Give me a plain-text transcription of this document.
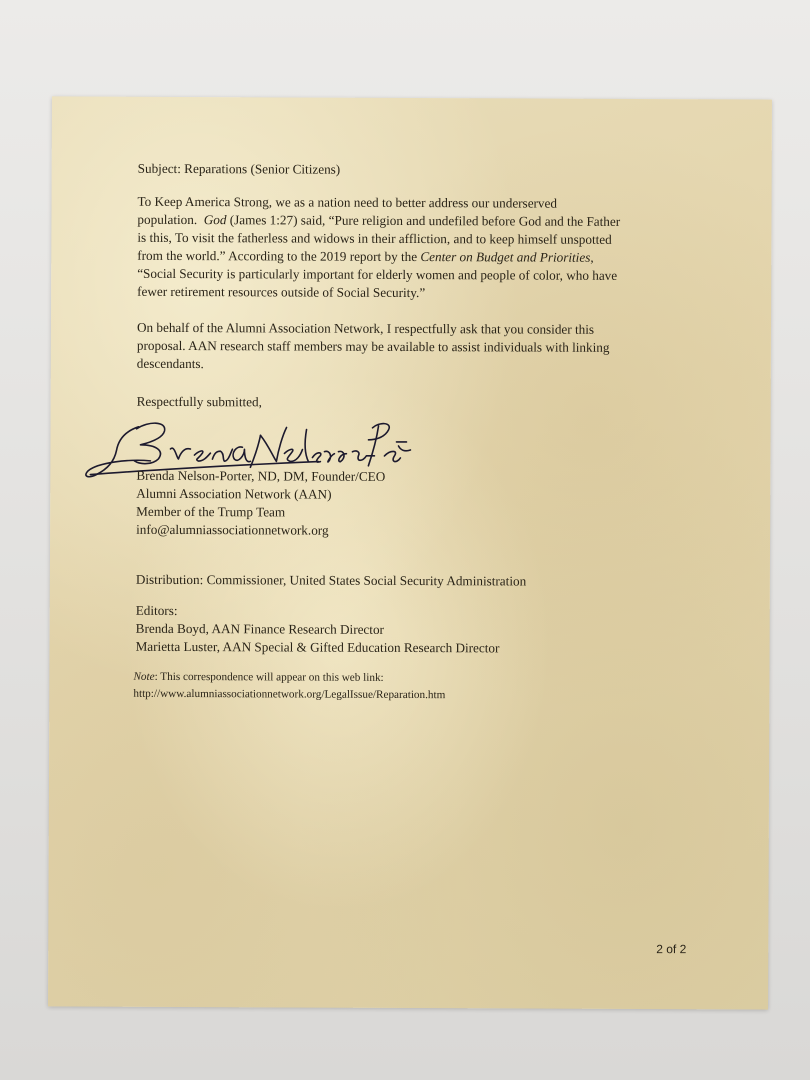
Subject: Reparations (Senior Citizens)

To Keep America Strong, we as a nation need to better address our underserved
population. God (James 1:27) said, “Pure religion and undefiled before God and the Father
is this, To visit the fatherless and widows in their affliction, and to keep himself unspotted
from the world.” According to the 2019 report by the Center on Budget and Priorities,
“Social Security is particularly important for elderly women and people of color, who have
fewer retirement resources outside of Social Security.”
On behalf of the Alumni Association Network, I respectfully ask that you consider this
proposal. AAN research staff members may be available to assist individuals with linking
descendants.

Respectfully submitted,

Brenda Nelson-Porter, ND, DM, Founder/CEO

Alumni Association Network (AAN)

Member of the Trump Team

info@alumniassociationnetwork.org

Distribution: Commissioner, United States Social Security Administration

Editors:

Brenda Boyd, AAN Finance Research Director

Marietta Luster, AAN Special & Gifted Education Research Director

Note: This correspondence will appear on this web link:

http://www.alumniassociationnetwork.org/LegalIssue/Reparation.htm

2 of 2
